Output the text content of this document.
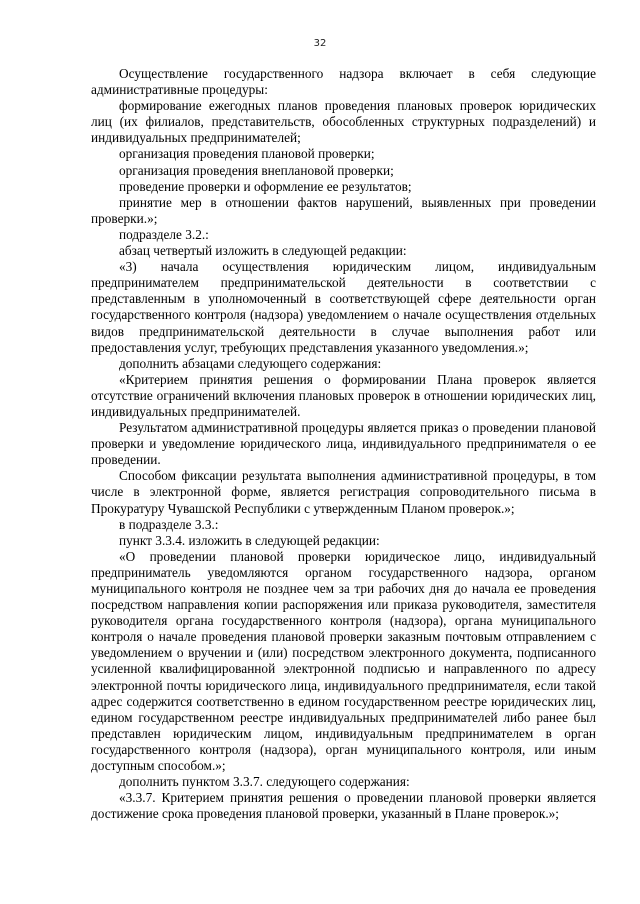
32

Осуществление государственного надзора включает в себя следующие административные процедуры:

формирование ежегодных планов проведения плановых проверок юридических лиц (их филиалов, представительств, обособленных структурных подразделений) и индивидуальных предпринимателей;

организация проведения плановой проверки;

организация проведения внеплановой проверки;

проведение проверки и оформление ее результатов;

принятие мер в отношении фактов нарушений, выявленных при проведении проверки.»;

подразделе 3.2.:

абзац четвертый изложить в следующей редакции:

«3) начала осуществления юридическим лицом, индивидуальным предпринимателем предпринимательской деятельности в соответствии с представленным в уполномоченный в соответствующей сфере деятельности орган государственного контроля (надзора) уведомлением о начале осуществления отдельных видов предпринимательской деятельности в случае выполнения работ или предоставления услуг, требующих представления указанного уведомления.»;

дополнить абзацами следующего содержания:

«Критерием принятия решения о формировании Плана проверок является отсутствие ограничений включения плановых проверок в отношении юридических лиц, индивидуальных предпринимателей.

Результатом административной процедуры является приказ о проведении плановой проверки и уведомление юридического лица, индивидуального предпринимателя о ее проведении.

Способом фиксации результата выполнения административной процедуры, в том числе в электронной форме, является регистрация сопроводительного письма в Прокуратуру Чувашской Республики с утвержденным Планом проверок.»;

в подразделе 3.3.:

пункт 3.3.4. изложить в следующей редакции:

«О проведении плановой проверки юридическое лицо, индивидуальный предприниматель уведомляются органом государственного надзора, органом муниципального контроля не позднее чем за три рабочих дня до начала ее проведения посредством направления копии распоряжения или приказа руководителя, заместителя руководителя органа государственного контроля (надзора), органа муниципального контроля о начале проведения плановой проверки заказным почтовым отправлением с уведомлением о вручении и (или) посредством электронного документа, подписанного усиленной квалифицированной электронной подписью и направленного по адресу электронной почты юридического лица, индивидуального предпринимателя, если такой адрес содержится соответственно в едином государственном реестре юридических лиц, едином государственном реестре индивидуальных предпринимателей либо ранее был представлен юридическим лицом, индивидуальным предпринимателем в орган государственного контроля (надзора), орган муниципального контроля, или иным доступным способом.»;

дополнить пунктом 3.3.7. следующего содержания:

«3.3.7. Критерием принятия решения о проведении плановой проверки является достижение срока проведения плановой проверки, указанный в Плане проверок.»;
